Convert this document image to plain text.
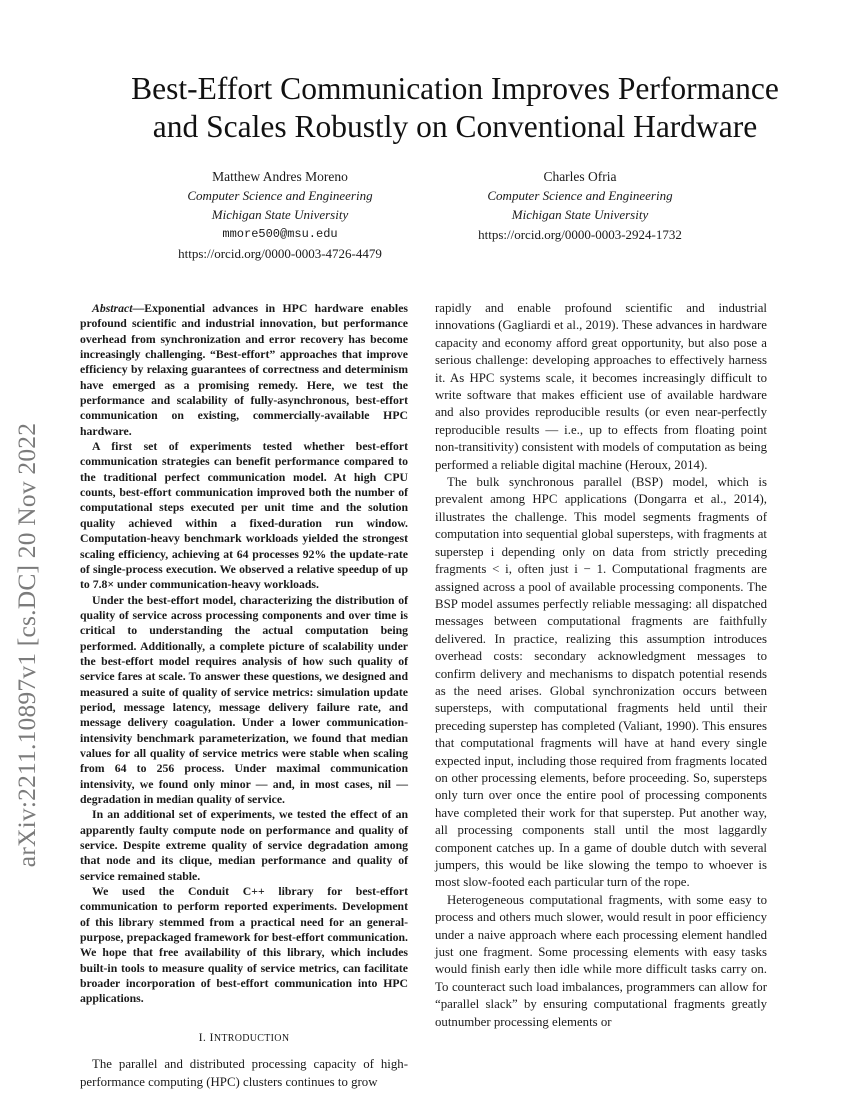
arXiv:2211.10897v1 [cs.DC] 20 Nov 2022
Best-Effort Communication Improves Performance
and Scales Robustly on Conventional Hardware
Matthew Andres Moreno
Computer Science and Engineering
Michigan State University
mmore500@msu.edu
https://orcid.org/0000-0003-4726-4479
Charles Ofria
Computer Science and Engineering
Michigan State University
https://orcid.org/0000-0003-2924-1732

Abstract—Exponential advances in HPC hardware enables profound scientific and industrial innovation, but performance overhead from synchronization and error recovery has become increasingly challenging. “Best-effort” approaches that improve efficiency by relaxing guarantees of correctness and determinism have emerged as a promising remedy. Here, we test the performance and scalability of fully-asynchronous, best-effort communication on existing, commercially-available HPC hardware.

A first set of experiments tested whether best-effort communication strategies can benefit performance compared to the traditional perfect communication model. At high CPU counts, best-effort communication improved both the number of computational steps executed per unit time and the solution quality achieved within a fixed-duration run window. Computation-heavy benchmark workloads yielded the strongest scaling efficiency, achieving at 64 processes 92% the update-rate of single-process execution. We observed a relative speedup of up to 7.8× under communication-heavy workloads.

Under the best-effort model, characterizing the distribution of quality of service across processing components and over time is critical to understanding the actual computation being performed. Additionally, a complete picture of scalability under the best-effort model requires analysis of how such quality of service fares at scale. To answer these questions, we designed and measured a suite of quality of service metrics: simulation update period, message latency, message delivery failure rate, and message delivery coagulation. Under a lower communication-intensivity benchmark parameterization, we found that median values for all quality of service metrics were stable when scaling from 64 to 256 process. Under maximal communication intensivity, we found only minor — and, in most cases, nil — degradation in median quality of service.

In an additional set of experiments, we tested the effect of an apparently faulty compute node on performance and quality of service. Despite extreme quality of service degradation among that node and its clique, median performance and quality of service remained stable.

We used the Conduit C++ library for best-effort communication to perform reported experiments. Development of this library stemmed from a practical need for an general-purpose, prepackaged framework for best-effort communication. We hope that free availability of this library, which includes built-in tools to measure quality of service metrics, can facilitate broader incorporation of best-effort communication into HPC applications.

I. INTRODUCTION

The parallel and distributed processing capacity of high-performance computing (HPC) clusters continues to grow

rapidly and enable profound scientific and industrial innovations (Gagliardi et al., 2019). These advances in hardware capacity and economy afford great opportunity, but also pose a serious challenge: developing approaches to effectively harness it. As HPC systems scale, it becomes increasingly difficult to write software that makes efficient use of available hardware and also provides reproducible results (or even near-perfectly reproducible results — i.e., up to effects from floating point non-transitivity) consistent with models of computation as being performed a reliable digital machine (Heroux, 2014).

The bulk synchronous parallel (BSP) model, which is prevalent among HPC applications (Dongarra et al., 2014), illustrates the challenge. This model segments fragments of computation into sequential global supersteps, with fragments at superstep i depending only on data from strictly preceding fragments < i, often just i − 1. Computational fragments are assigned across a pool of available processing components. The BSP model assumes perfectly reliable messaging: all dispatched messages between computational fragments are faithfully delivered. In practice, realizing this assumption introduces overhead costs: secondary acknowledgment messages to confirm delivery and mechanisms to dispatch potential resends as the need arises. Global synchronization occurs between supersteps, with computational fragments held until their preceding superstep has completed (Valiant, 1990). This ensures that computational fragments will have at hand every single expected input, including those required from fragments located on other processing elements, before proceeding. So, supersteps only turn over once the entire pool of processing components have completed their work for that superstep. Put another way, all processing components stall until the most laggardly component catches up. In a game of double dutch with several jumpers, this would be like slowing the tempo to whoever is most slow-footed each particular turn of the rope.

Heterogeneous computational fragments, with some easy to process and others much slower, would result in poor efficiency under a naive approach where each processing element handled just one fragment. Some processing elements with easy tasks would finish early then idle while more difficult tasks carry on. To counteract such load imbalances, programmers can allow for “parallel slack” by ensuring computational fragments greatly outnumber processing elements or
